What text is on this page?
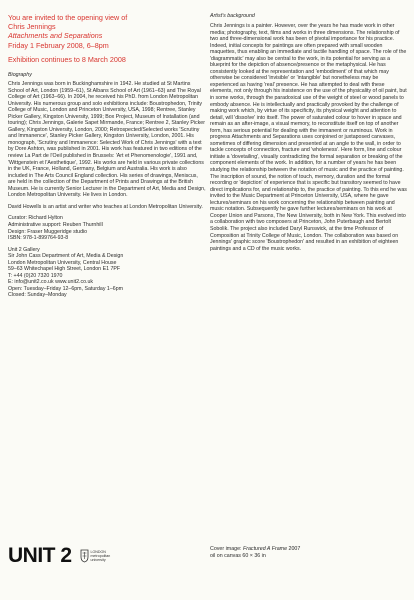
You are invited to the opening view of

Chris Jennings

Attachments and Separations

Friday 1 February 2008, 6–8pm

Exhibition continues to 8 March 2008

Biography

Chris Jennings was born in Buckinghamshire in 1942. He studied at St Martins School of Art, London (1959–61), St Albans School of Art (1961–63) and The Royal College of Art (1963–66). In 2004, he received his PhD. from London Metropolitan University. His numerous group and solo exhibitions include: Boustrophedon, Trinity College of Music, London and Princeton University, USA, 1998; Rentree, Stanley Picker Gallery, Kingston University, 1999; Box Project, Museum of Installation (and touring); Chris Jennings, Galerie Sapet Mirmande, France; Rentree 2, Stanley Picker Gallery, Kingston University, London, 2000; Retrospected/Selected works 'Scrutiny and Immanence', Stanley Picker Gallery, Kingston University, London, 2001. His monograph, 'Scrutiny and Immanence: Selected Work of Chris Jennings' with a text by Dore Ashton, was published in 2001. His work has featured in two editions of the review La Part de l'Oeil published in Brussels: 'Art et Phenomenologie', 1991 and, 'Wittgenstein et l'Aesthetique', 1992. His works are held in various private collections in the UK, France, Holland, Germany, Belgium and Australia. His work is also included in The Arts Council England collection. His series of drawings, Meniscus, are held in the collection of the Department of Prints and Drawings at the British Museum. He is currently Senior Lecturer in the Department of Art, Media and Design, London Metropolitan University. He lives in London.

David Howells is an artist and writer who teaches at London Metropolitan University.

Curator: Richard Hylton

Administrative support: Reuben Thurnhill

Design: Fraser Muggeridge studio

ISBN: 978-1-899764-93-8

Unit 2 Gallery

Sir John Cass Department of Art, Media & Design

London Metropolitan University, Central House

59–63 Whitechapel High Street, London E1 7PF

T: +44 (0)20 7320 1970

E: info@unit2.co.uk www.unit2.co.uk

Open: Tuesday–Friday 12–6pm, Saturday 1–6pm

Closed: Sunday–Monday

Artist's background

Chris Jennings is a painter. However, over the years he has made work in other media; photography, text, films and works in three dimensions. The relationship of two and three-dimensional work has been of pivotal importance for his practice. Indeed, initial concepts for paintings are often prepared with small wooden maquettes, thus enabling an immediate and tactile handling of space. The role of the 'diagrammatic' may also be central to the work, in its potential for serving as a blueprint for the depiction of absence/presence or the metaphysical. He has consistently looked at the representation and 'embodiment' of that which may otherwise be considered 'invisible' or 'intangible' but nonetheless may be experienced as having 'real' presence. He has attempted to deal with these elements, not only through his insistence on the use of the physicality of oil paint, but in some works, through the paradoxical use of the weight of steel or wood panels to embody absence. He is intellectually and practically provoked by the challenge of making work which, by virtue of its specificity, its physical weight and attention to detail, will 'dissolve' into itself. The power of saturated colour to hover in space and remain as an after-image, a visual memory, to reconstitute itself on top of another form, has serious potential for dealing with the immanent or numinous. Work in progress Attachments and Separations uses conjoined or juxtaposed canvases, sometimes of differing dimension and presented at an angle to the wall, in order to tackle concepts of connection, fracture and 'wholeness'. Here form, line and colour initiate a 'dovetailing', visually contradicting the formal separation or breaking of the component elements of the work. In addition, for a number of years he has been studying the relationship between the notation of music and the practice of painting. The inscription of sound, the notion of touch, memory, duration and the formal recording or 'depiction' of experience that is specific but transitory seemed to have direct implications for, and relationship to, the practice of painting. To this end he was invited to the Music Department at Princeton University, USA, where he gave lectures/seminars on his work concerning the relationship between painting and music notation. Subsequently he gave further lectures/seminars on his work at Cooper Union and Parsons, The New University, both in New York. This evolved into a collaboration with two composers at Princeton, John Puterbaugh and Bertolt Sobolik. The project also included Daryl Runswick, at the time Professor of Composition at Trinity College of Music, London. The collaboration was based on Jennings' graphic score 'Boustrophedon' and resulted in an exhibition of eighteen paintings and a CD of the music works.

UNIT 2	LONDON
metropolitan
university
Cover image: Fractured A Frame 2007
oil on canvas 60 × 36 in
